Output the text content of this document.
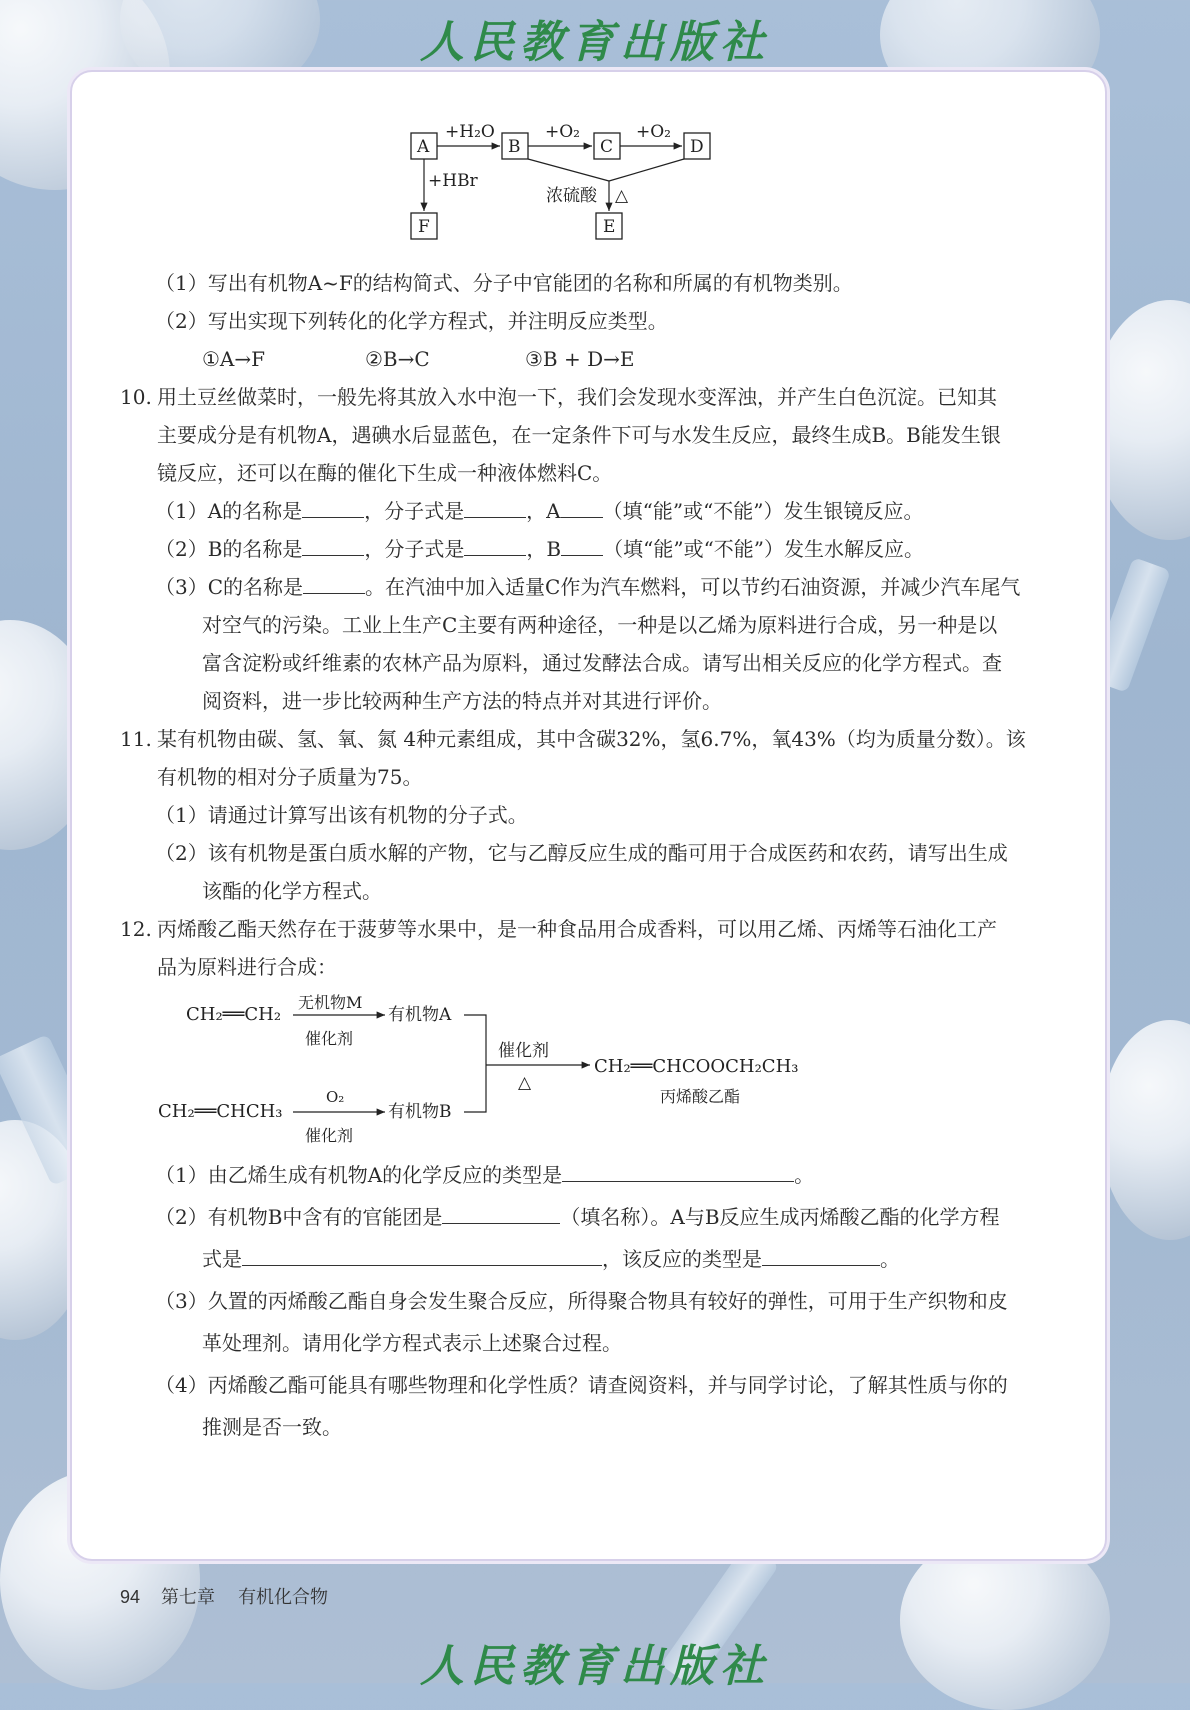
人民教育出版社
A	B	C	D
F	E
+H₂O	+O₂	+O₂
+HBr
浓硫酸 △
（1）写出有机物A~F的结构简式、分子中官能团的名称和所属的有机物类别。
（2）写出实现下列转化的化学方程式，并注明反应类型。
①A→F	②B→C	③B + D→E
10. 用土豆丝做菜时，一般先将其放入水中泡一下，我们会发现水变浑浊，并产生白色沉淀。已知其
主要成分是有机物A，遇碘水后显蓝色，在一定条件下可与水发生反应，最终生成B。B能发生银
镜反应，还可以在酶的催化下生成一种液体燃料C。
（1）A的名称是	，分子式是	，A （填“能”或“不能”）发生银镜反应。
（2）B的名称是	，分子式是	，B （填“能”或“不能”）发生水解反应。
（3）C的名称是	。在汽油中加入适量C作为汽车燃料，可以节约石油资源，并减少汽车尾气
对空气的污染。工业上生产C主要有两种途径，一种是以乙烯为原料进行合成，另一种是以
富含淀粉或纤维素的农林产品为原料，通过发酵法合成。请写出相关反应的化学方程式。查
阅资料，进一步比较两种生产方法的特点并对其进行评价。
11. 某有机物由碳、氢、氧、氮 4种元素组成，其中含碳32%，氢6.7%，氧43%（均为质量分数）。该
有机物的相对分子质量为75。
（1）请通过计算写出该有机物的分子式。
（2）该有机物是蛋白质水解的产物，它与乙醇反应生成的酯可用于合成医药和农药，请写出生成
该酯的化学方程式。
12. 丙烯酸乙酯天然存在于菠萝等水果中，是一种食品用合成香料，可以用乙烯、丙烯等石油化工产
品为原料进行合成：
（1）由乙烯生成有机物A的化学反应的类型是	。
（2）有机物B中含有的官能团是	（填名称）。A与B反应生成丙烯酸乙酯的化学方程
式是	，该反应的类型是	。
（3）久置的丙烯酸乙酯自身会发生聚合反应，所得聚合物具有较好的弹性，可用于生产织物和皮
革处理剂。请用化学方程式表示上述聚合过程。
（4）丙烯酸乙酯可能具有哪些物理和化学性质？请查阅资料，并与同学讨论，了解其性质与你的
推测是否一致。
CH₂══CH₂
无机物M
催化剂
有机物A
CH₂══CHCH₃
O₂
催化剂
有机物B
催化剂
△
CH₂══CHCOOCH₂CH₃
丙烯酸乙酯
人民教育出版社
94 第七章 有机化合物
